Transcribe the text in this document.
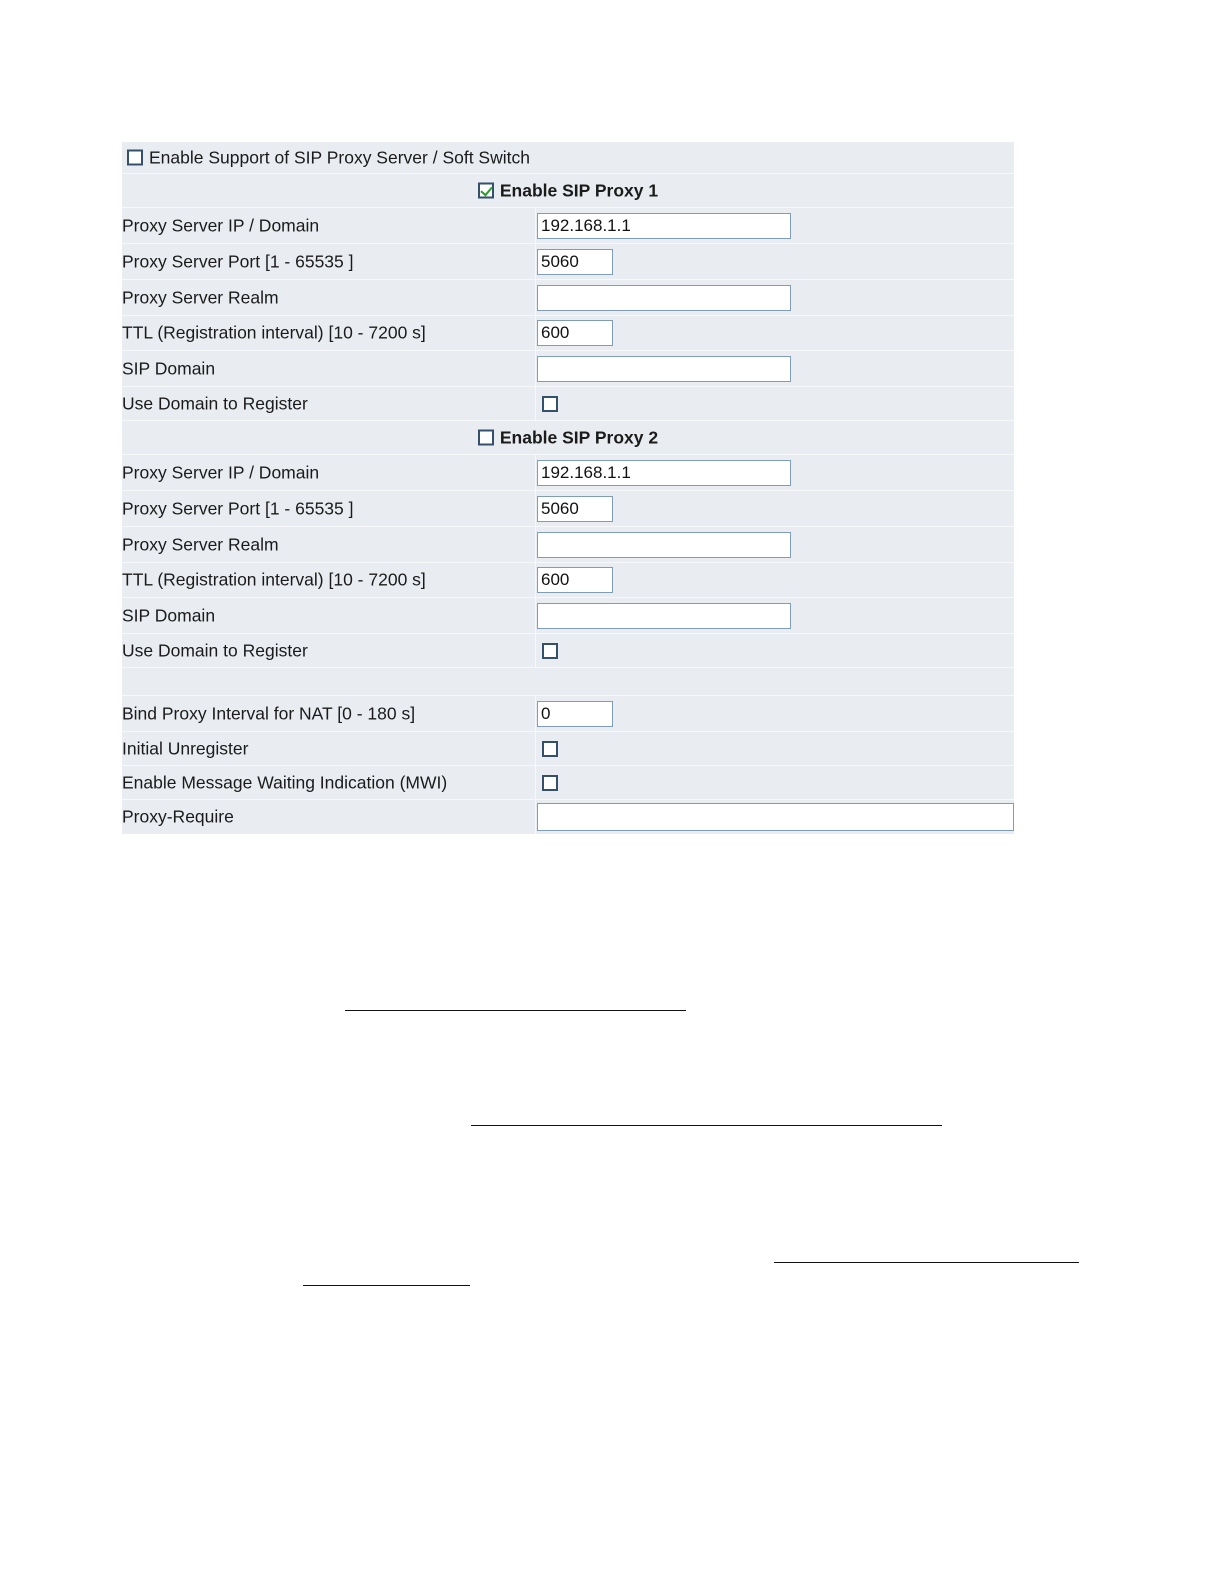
Enable Support of SIP Proxy Server / Soft Switch
Enable SIP Proxy 1
Proxy Server IP / Domain	192.168.1.1
Proxy Server Port [1 - 65535 ]	5060
Proxy Server Realm
TTL (Registration interval) [10 - 7200 s]	600
SIP Domain
Use Domain to Register
Enable SIP Proxy 2
Proxy Server IP / Domain	192.168.1.1
Proxy Server Port [1 - 65535 ]	5060
Proxy Server Realm
TTL (Registration interval) [10 - 7200 s]	600
SIP Domain
Use Domain to Register
Bind Proxy Interval for NAT [0 - 180 s]	0
Initial Unregister
Enable Message Waiting Indication (MWI)
Proxy-Require
